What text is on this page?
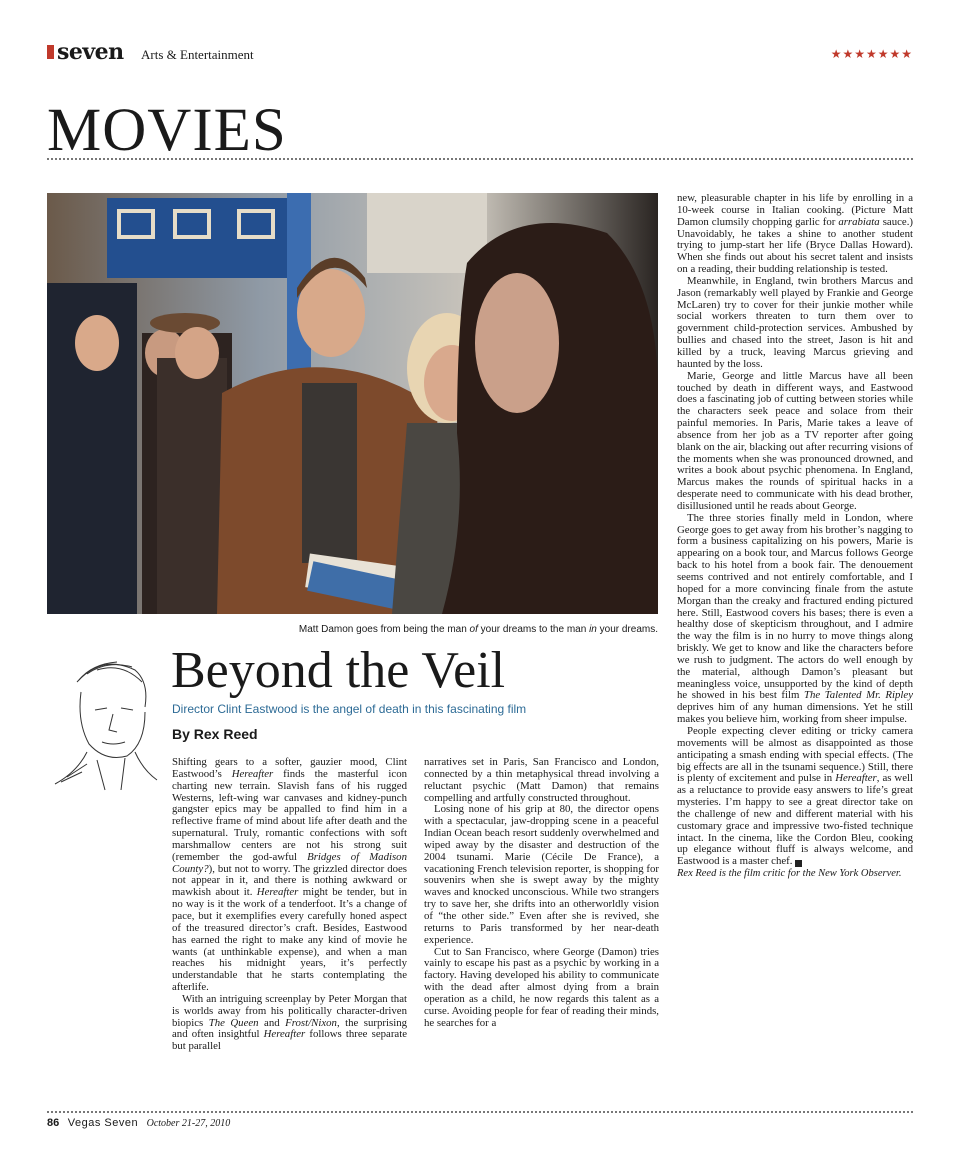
seven Arts & Entertainment	★★★★★★★
MOVIES
Matt Damon goes from being the man of your dreams to the man in your dreams.
Beyond the Veil
Director Clint Eastwood is the angel of death in this fascinating film
By Rex Reed

Shifting gears to a softer, gauzier mood, Clint Eastwood’s Hereafter finds the masterful icon charting new terrain. Slavish fans of his rugged Westerns, left-wing war canvases and kidney-punch gangster epics may be appalled to find him in a reflective frame of mind about life after death and the supernatural. Truly, romantic confections with soft marshmallow centers are not his strong suit (remember the god-awful Bridges of Madison County?), but not to worry. The grizzled director does not appear in it, and there is nothing awkward or mawkish about it. Hereafter might be tender, but in no way is it the work of a tenderfoot. It’s a change of pace, but it exemplifies every carefully honed aspect of the treasured director’s craft. Besides, Eastwood has earned the right to make any kind of movie he wants (at unthinkable expense), and when a man reaches his midnight years, it’s perfectly understandable that he starts contemplating the afterlife.

With an intriguing screenplay by Peter Morgan that is worlds away from his politically character-driven biopics The Queen and Frost/Nixon, the surprising and often insightful Hereafter follows three separate but parallel

narratives set in Paris, San Francisco and London, connected by a thin metaphysical thread involving a reluctant psychic (Matt Damon) that remains compelling and artfully constructed throughout.

Losing none of his grip at 80, the director opens with a spectacular, jaw-dropping scene in a peaceful Indian Ocean beach resort suddenly overwhelmed and wiped away by the disaster and destruction of the 2004 tsunami. Marie (Cécile De France), a vacationing French television reporter, is shopping for souvenirs when she is swept away by the mighty waves and knocked unconscious. While two strangers try to save her, she drifts into an otherworldly vision of “the other side.” Even after she is revived, she returns to Paris transformed by her near-death experience.

Cut to San Francisco, where George (Damon) tries vainly to escape his past as a psychic by working in a factory. Having developed his ability to communicate with the dead after almost dying from a brain operation as a child, he now regards this talent as a curse. Avoiding people for fear of reading their minds, he searches for a

new, pleasurable chapter in his life by enrolling in a 10-week course in Italian cooking. (Picture Matt Damon clumsily chopping garlic for arrabiata sauce.) Unavoidably, he takes a shine to another student trying to jump-start her life (Bryce Dallas Howard). When she finds out about his secret talent and insists on a reading, their budding relationship is tested.

Meanwhile, in England, twin brothers Marcus and Jason (remarkably well played by Frankie and George McLaren) try to cover for their junkie mother while social workers threaten to turn them over to government child-protection services. Ambushed by bullies and chased into the street, Jason is hit and killed by a truck, leaving Marcus grieving and haunted by the loss.

Marie, George and little Marcus have all been touched by death in different ways, and Eastwood does a fascinating job of cutting between stories while the characters seek peace and solace from their painful memories. In Paris, Marie takes a leave of absence from her job as a TV reporter after going blank on the air, blacking out after recurring visions of the moments when she was pronounced drowned, and writes a book about psychic phenomena. In England, Marcus makes the rounds of spiritual hacks in a desperate need to communicate with his dead brother, disillusioned until he reads about George.

The three stories finally meld in London, where George goes to get away from his brother’s nagging to form a business capitalizing on his powers, Marie is appearing on a book tour, and Marcus follows George back to his hotel from a book fair. The denouement seems contrived and not entirely comfortable, and I hoped for a more convincing finale from the astute Morgan than the creaky and fractured ending pictured here. Still, Eastwood covers his bases; there is even a healthy dose of skepticism throughout, and I admire the way the film is in no hurry to move things along briskly. We get to know and like the characters before we rush to judgment. The actors do well enough by the material, although Damon’s pleasant but meaningless voice, unsupported by the kind of depth he showed in his best film The Talented Mr. Ripley deprives him of any human dimensions. Yet he still makes you believe him, working from sheer impulse.

People expecting clever editing or tricky camera movements will be almost as disappointed as those anticipating a smash ending with special effects. (The big effects are all in the tsunami sequence.) Still, there is plenty of excitement and pulse in Hereafter, as well as a reluctance to provide easy answers to life’s great mysteries. I’m happy to see a great director take on the challenge of new and different material with his customary grace and impressive two-fisted technique intact. In the cinema, like the Cordon Bleu, cooking up elegance without fluff is always welcome, and Eastwood is a master chef. 7

Rex Reed is the film critic for the New York Observer.

86 Vegas Seven October 21-27, 2010
